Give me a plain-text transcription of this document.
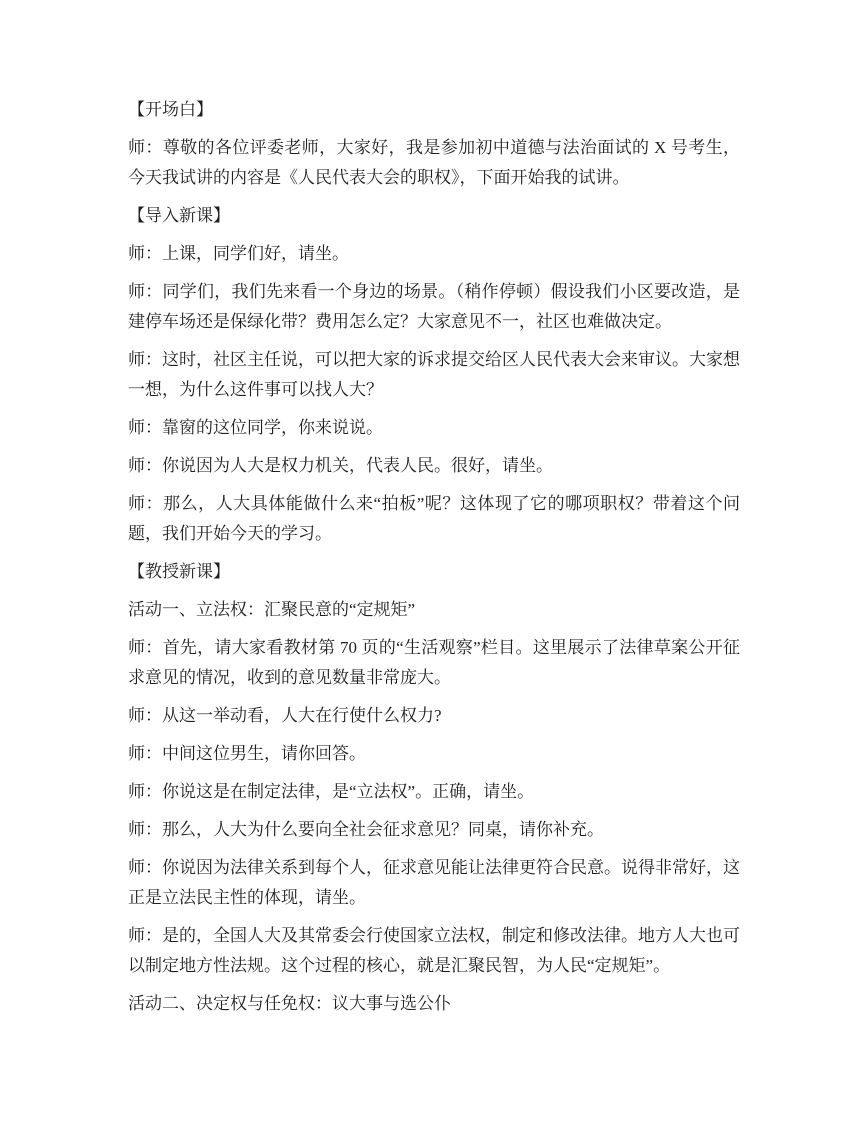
【开场白】

师：尊敬的各位评委老师，大家好，我是参加初中道德与法治面试的 X 号考生，今天我试讲的内容是《人民代表大会的职权》，下面开始我的试讲。

【导入新课】

师：上课，同学们好，请坐。

师：同学们，我们先来看一个身边的场景。（稍作停顿）假设我们小区要改造，是建停车场还是保绿化带？费用怎么定？大家意见不一，社区也难做决定。

师：这时，社区主任说，可以把大家的诉求提交给区人民代表大会来审议。大家想一想，为什么这件事可以找人大？

师：靠窗的这位同学，你来说说。

师：你说因为人大是权力机关，代表人民。很好，请坐。

师：那么，人大具体能做什么来“拍板”呢？这体现了它的哪项职权？带着这个问题，我们开始今天的学习。

【教授新课】

活动一、立法权：汇聚民意的“定规矩”

师：首先，请大家看教材第 70 页的“生活观察”栏目。这里展示了法律草案公开征求意见的情况，收到的意见数量非常庞大。

师：从这一举动看，人大在行使什么权力?

师：中间这位男生，请你回答。

师：你说这是在制定法律，是“立法权”。正确，请坐。

师：那么，人大为什么要向全社会征求意见？同桌，请你补充。

师：你说因为法律关系到每个人，征求意见能让法律更符合民意。说得非常好，这正是立法民主性的体现，请坐。

师：是的，全国人大及其常委会行使国家立法权，制定和修改法律。地方人大也可以制定地方性法规。这个过程的核心，就是汇聚民智，为人民“定规矩”。

活动二、决定权与任免权：议大事与选公仆
